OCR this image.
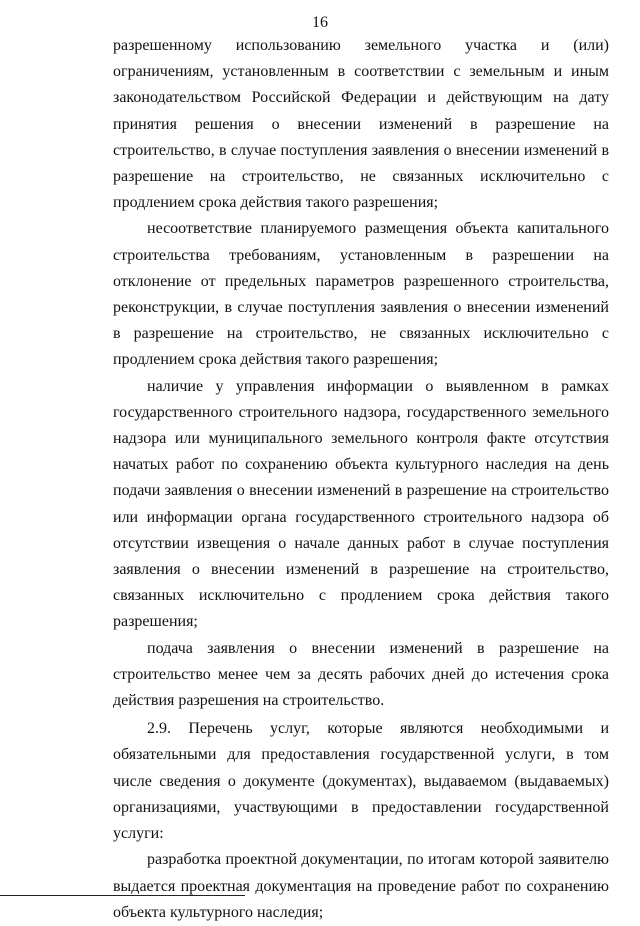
16

разрешенному использованию земельного участка и (или) ограничениям, установленным в соответствии с земельным и иным законодательством Российской Федерации и действующим на дату принятия решения о внесении изменений в разрешение на строительство, в случае поступления заявления о внесении изменений в разрешение на строительство, не связанных исключительно с продлением срока действия такого разрешения;

несоответствие планируемого размещения объекта капитального строительства требованиям, установленным в разрешении на отклонение от предельных параметров разрешенного строительства, реконструкции, в случае поступления заявления о внесении изменений в разрешение на строительство, не связанных исключительно с продлением срока действия такого разрешения;

наличие у управления информации о выявленном в рамках государственного строительного надзора, государственного земельного надзора или муниципального земельного контроля факте отсутствия начатых работ по сохранению объекта культурного наследия на день подачи заявления о внесении изменений в разрешение на строительство или информации органа государственного строительного надзора об отсутствии извещения о начале данных работ в случае поступления заявления о внесении изменений в разрешение на строительство, связанных исключительно с продлением срока действия такого разрешения;

подача заявления о внесении изменений в разрешение на строительство менее чем за десять рабочих дней до истечения срока действия разрешения на строительство.

2.9. Перечень услуг, которые являются необходимыми и обязательными для предоставления государственной услуги, в том числе сведения о документе (документах), выдаваемом (выдаваемых) организациями, участвующими в предоставлении государственной услуги:

разработка проектной документации, по итогам которой заявителю выдается проектная документация на проведение работ по сохранению объекта культурного наследия;
